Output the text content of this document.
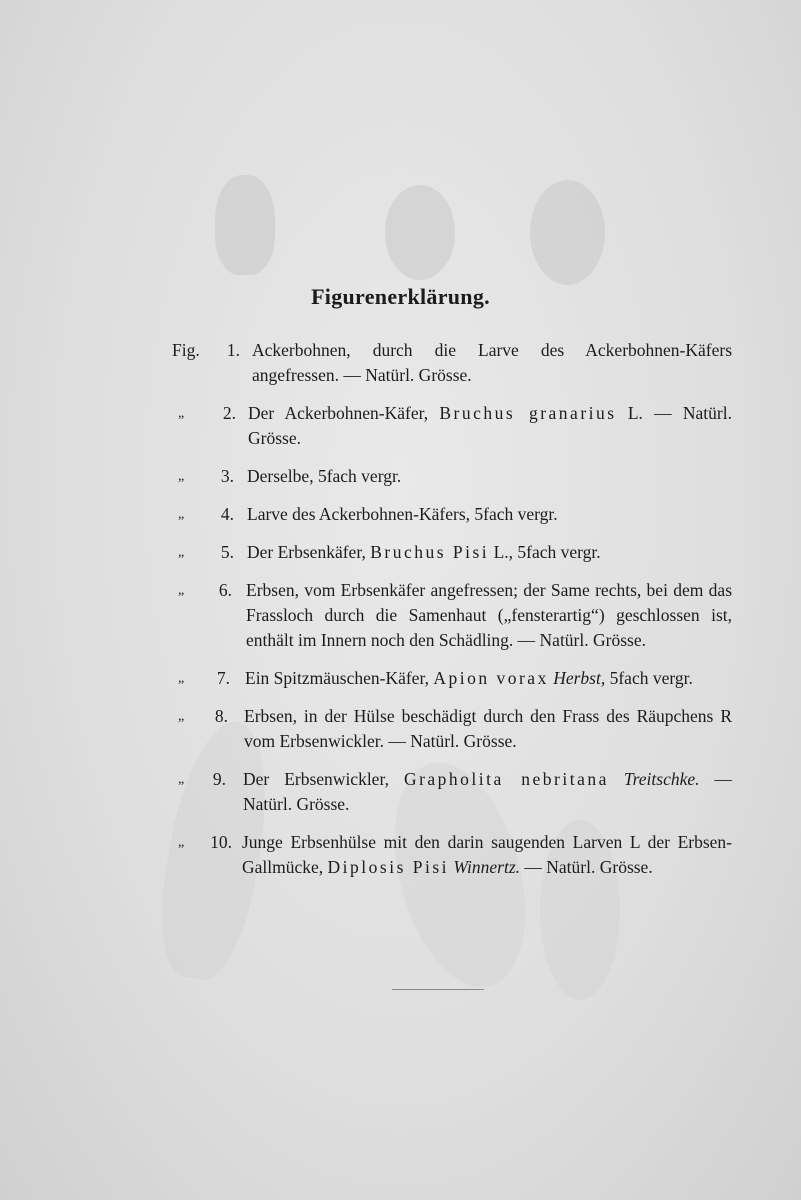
Figurenerklärung.
Fig.	1. Ackerbohnen, durch die Larve des Ackerbohnen-Käfers angefressen. — Natürl. Grösse.
„	2. Der Ackerbohnen-Käfer, Bruchus granarius L. — Natürl. Grösse.
„	3. Derselbe, 5fach vergr.
„	4. Larve des Ackerbohnen-Käfers, 5fach vergr.
„	5. Der Erbsenkäfer, Bruchus Pisi L., 5fach vergr.
„	6. Erbsen, vom Erbsenkäfer angefressen; der Same rechts, bei dem das Frassloch durch die Samenhaut („fensterartig“) geschlossen ist, enthält im Innern noch den Schädling. — Natürl. Grösse.
„	7. Ein Spitzmäuschen-Käfer, Apion vorax Herbst, 5fach vergr.
„	8. Erbsen, in der Hülse beschädigt durch den Frass des Räupchens R vom Erbsenwickler. — Natürl. Grösse.
„	9. Der Erbsenwickler, Grapholita nebritana Treitschke. — Natürl. Grösse.
„	10. Junge Erbsenhülse mit den darin saugenden Larven L der Erbsen-Gallmücke, Diplosis Pisi Winnertz. — Natürl. Grösse.
